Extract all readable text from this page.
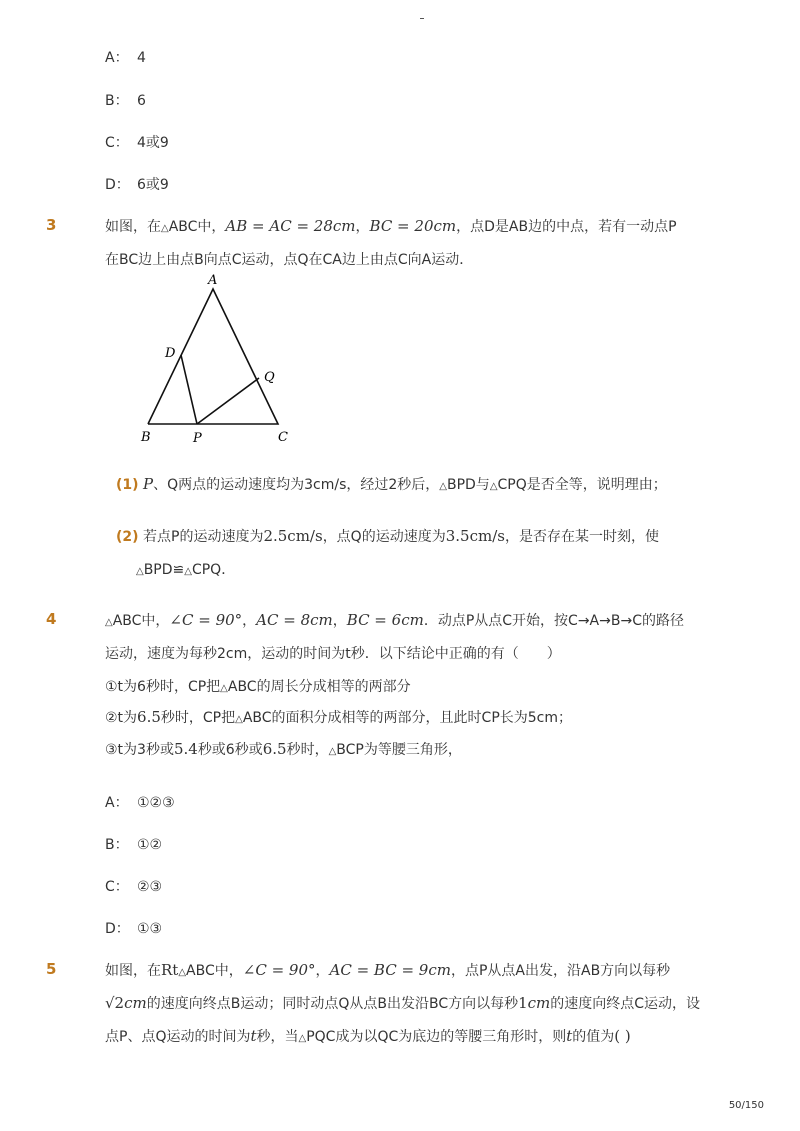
A： 4
B： 6
C： 4或9
D： 6或9
3	如图，在△ABC中，AB = AC = 28cm，BC = 20cm，点D是AB边的中点，若有一动点P
在BC边上由点B向点C运动，点Q在CA边上由点C向A运动．
A
D
Q
B	P	C
(1) P、Q两点的运动速度均为3cm/s，经过2秒后，△BPD与△CPQ是否全等，说明理由；
(2) 若点P的运动速度为2.5cm/s，点Q的运动速度为3.5cm/s，是否存在某一时刻，使
△BPD≌△CPQ．
4	△ABC中，∠C = 90°，AC = 8cm，BC = 6cm．动点P从点C开始，按C→A→B→C的路径
运动，速度为每秒2cm，运动的时间为t秒．以下结论中正确的有（　　）
①t为6秒时，CP把△ABC的周长分成相等的两部分
②t为6.5秒时，CP把△ABC的面积分成相等的两部分，且此时CP长为5cm；
③t为3秒或5.4秒或6秒或6.5秒时，△BCP为等腰三角形，
A： ①②③
B： ①②
C： ②③
D： ①③
5	如图，在Rt△ABC中，∠C = 90°，AC = BC = 9cm，点P从点A出发，沿AB方向以每秒
√2cm的速度向终点B运动；同时动点Q从点B出发沿BC方向以每秒1cm的速度向终点C运动，设
点P、点Q运动的时间为t秒，当△PQC成为以QC为底边的等腰三角形时，则t的值为( )
50/150
